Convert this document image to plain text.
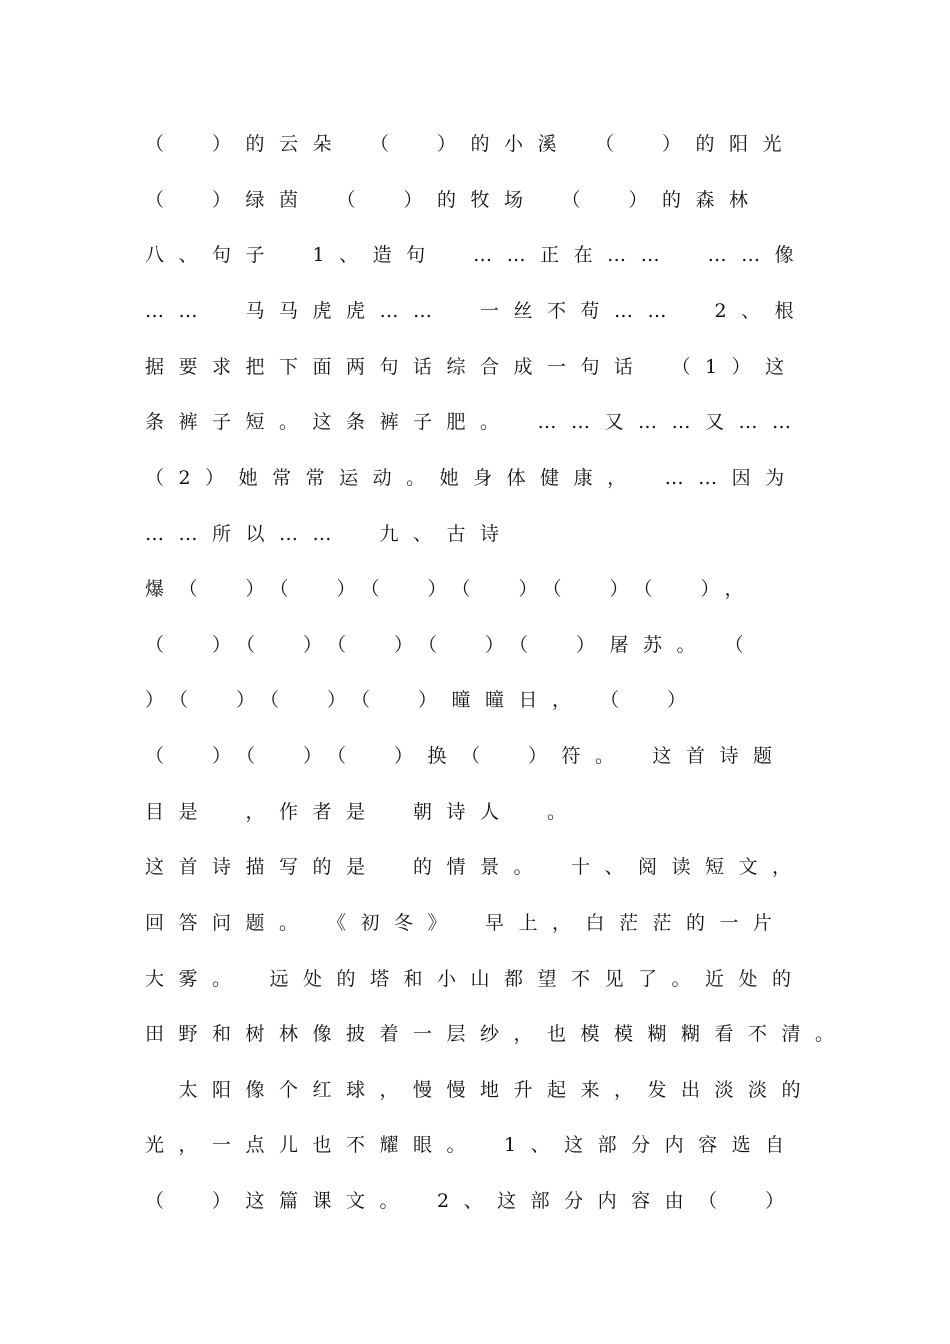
（　）的云朵　（　）的小溪　（　）的阳光
（　）绿茵　（　）的牧场　（　）的森林
八、句子　1、造句　……正在……　……像
……　马马虎虎……　一丝不苟……　2、根
据要求把下面两句话综合成一句话　（1）这
条裤子短。这条裤子肥。　……又……又……
（2）她常常运动。她身体健康，　……因为
……所以……　九、古诗
爆（　）（　）（　）（　）（　）（　），
（　）（　）（　）（　）（　）屠苏。　（
）（　）（　）（　）曈曈日，　（　）
（　）（　）（　）换（　）符。　这首诗题
目是　，作者是　朝诗人　。
这首诗描写的是　的情景。　十、阅读短文，
回答问题。　《初冬》　早上，白茫茫的一片
大雾。　远处的塔和小山都望不见了。近处的
田野和树林像披着一层纱，也模模糊糊看不清。
　太阳像个红球，慢慢地升起来，发出淡淡的
光，一点儿也不耀眼。　1、这部分内容选自
（　）这篇课文。　2、这部分内容由（　）
